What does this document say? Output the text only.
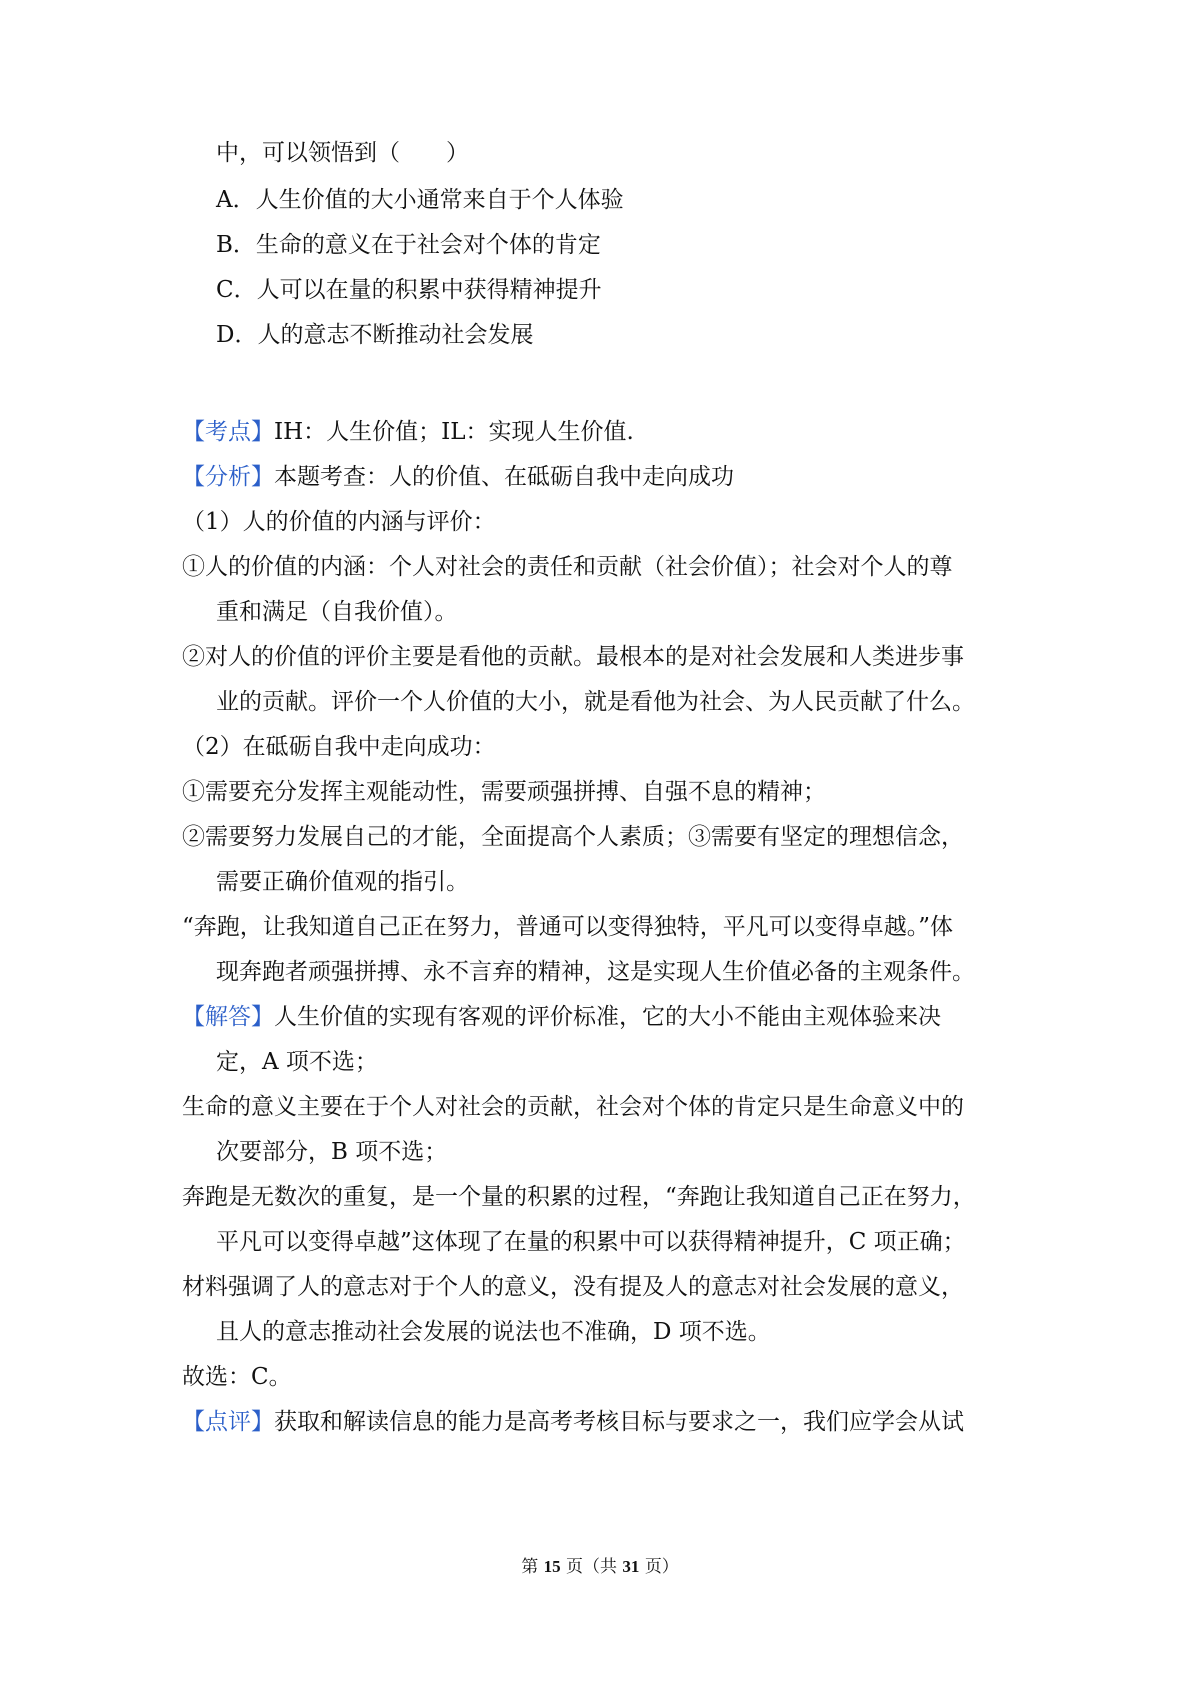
中，可以领悟到（　　）

A．人生价值的大小通常来自于个人体验

B．生命的意义在于社会对个体的肯定

C．人可以在量的积累中获得精神提升

D．人的意志不断推动社会发展

【考点】IH：人生价值；IL：实现人生价值.

【分析】本题考查：人的价值、在砥砺自我中走向成功

（1）人的价值的内涵与评价：

①人的价值的内涵：个人对社会的责任和贡献（社会价值）；社会对个人的尊

重和满足（自我价值）。

②对人的价值的评价主要是看他的贡献。最根本的是对社会发展和人类进步事

业的贡献。评价一个人价值的大小，就是看他为社会、为人民贡献了什么。

（2）在砥砺自我中走向成功：

①需要充分发挥主观能动性，需要顽强拼搏、自强不息的精神；

②需要努力发展自己的才能，全面提高个人素质；③需要有坚定的理想信念，

需要正确价值观的指引。

“奔跑，让我知道自己正在努力，普通可以变得独特，平凡可以变得卓越。”体

现奔跑者顽强拼搏、永不言弃的精神，这是实现人生价值必备的主观条件。

【解答】人生价值的实现有客观的评价标准，它的大小不能由主观体验来决

定，A 项不选；

生命的意义主要在于个人对社会的贡献，社会对个体的肯定只是生命意义中的

次要部分，B 项不选；

奔跑是无数次的重复，是一个量的积累的过程，“奔跑让我知道自己正在努力，

平凡可以变得卓越”这体现了在量的积累中可以获得精神提升，C 项正确；

材料强调了人的意志对于个人的意义，没有提及人的意志对社会发展的意义，

且人的意志推动社会发展的说法也不准确，D 项不选。

故选：C。

【点评】获取和解读信息的能力是高考考核目标与要求之一，我们应学会从试

第 15 页（共 31 页）
